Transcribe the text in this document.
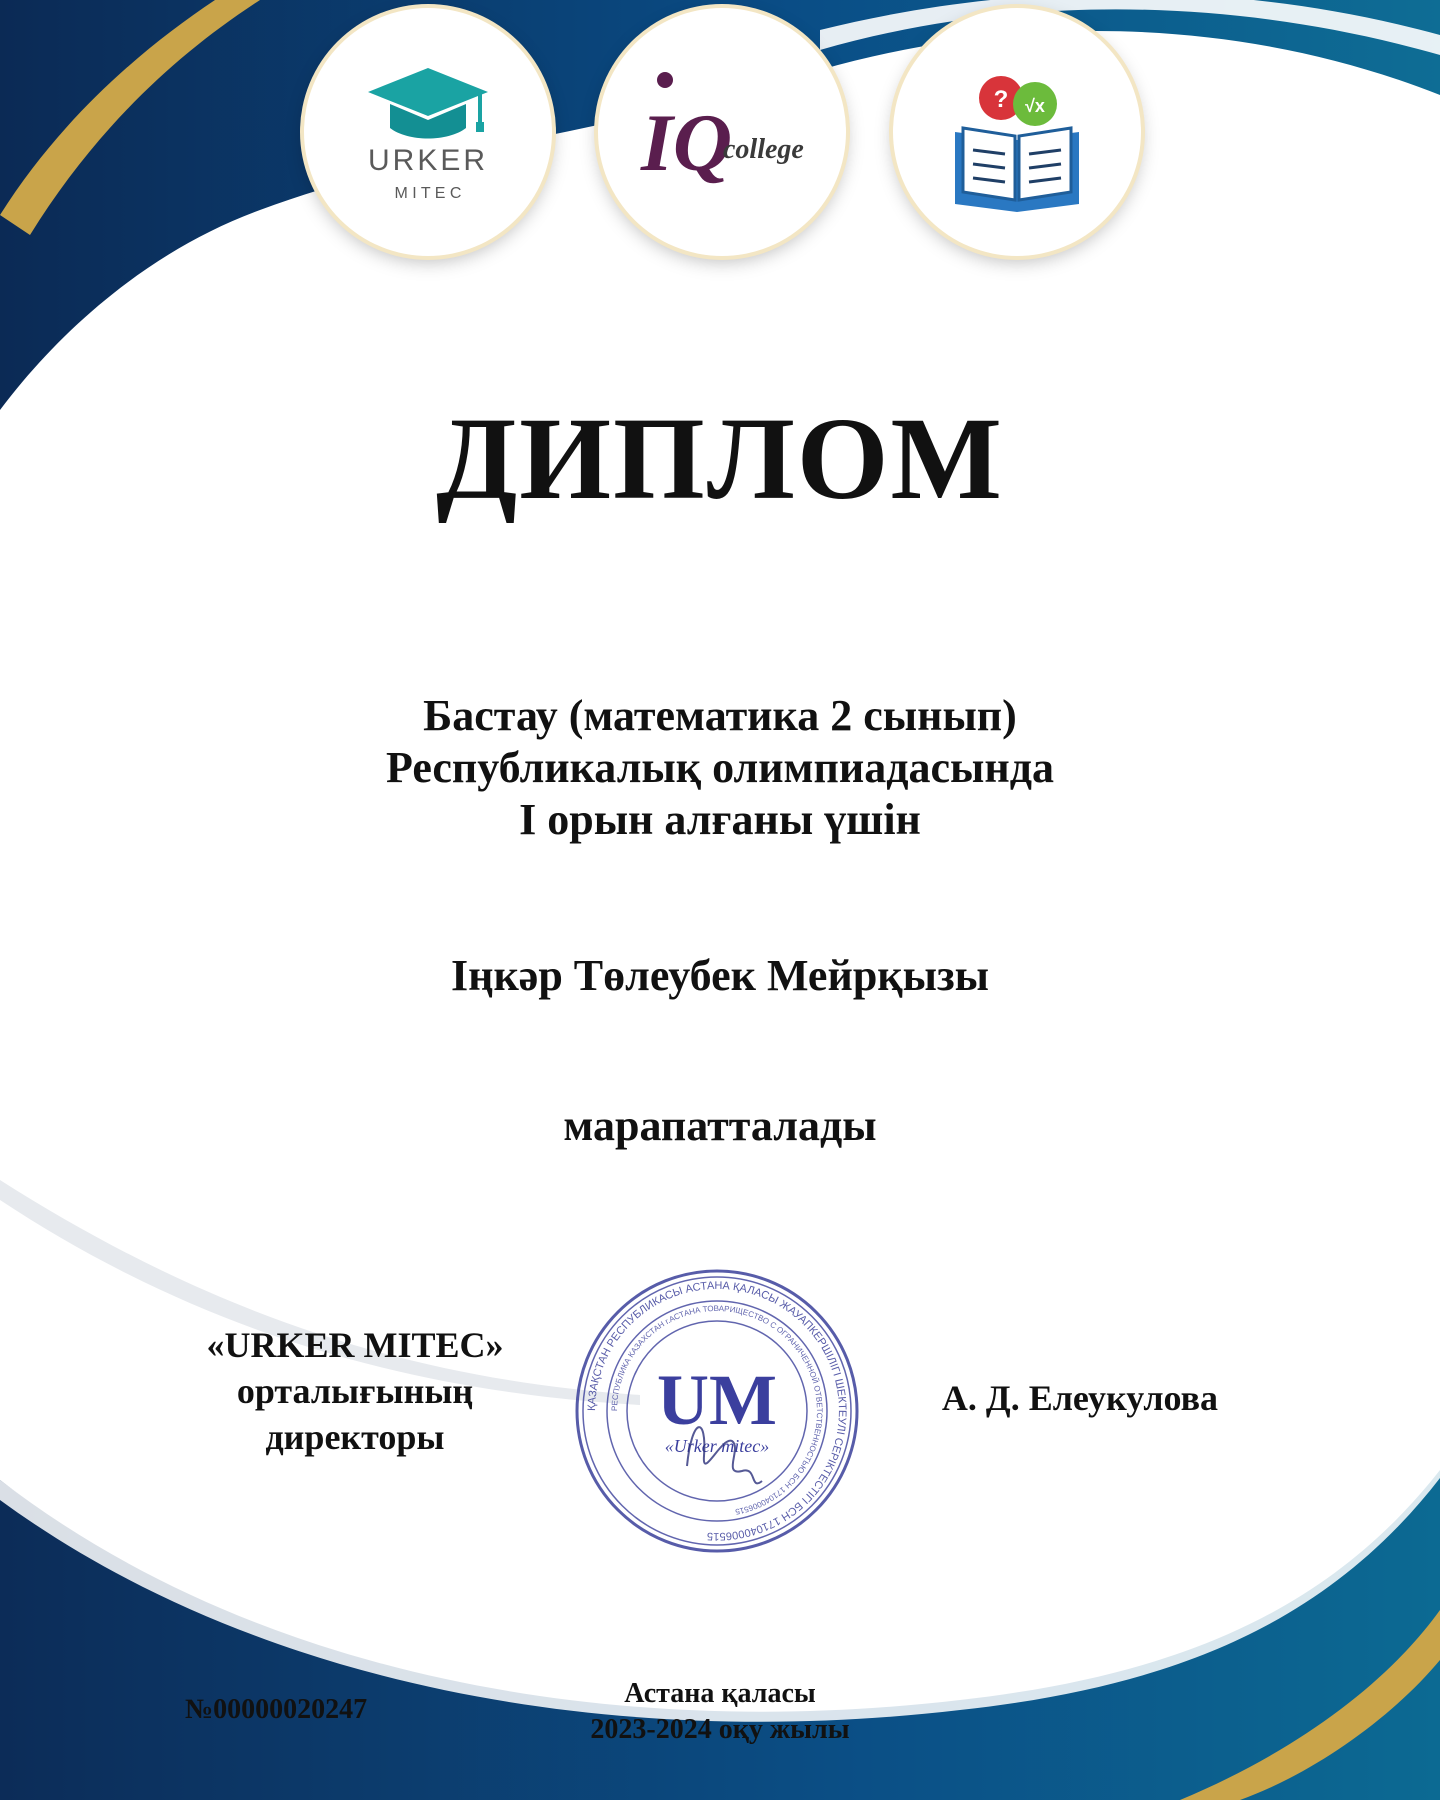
URKER
M I T E C
IQ
college
? √x
ДИПЛОМ
Бастау (математика 2 сынып)
Республикалық олимпиадасында
I орын алғаны үшін
Іңкәр Төлеубек Мейрқызы
марапатталады
«URKER MITEC»
орталығының
директоры
ҚАЗАҚСТАН РЕСПУБЛИКАСЫ АСТАНА ҚАЛАСЫ ЖАУАПКЕРШІЛІГІ ШЕКТЕУЛІ СЕРІКТЕСТІГІ БСН 171040006515
РЕСПУБЛИКА КАЗАХСТАН г.АСТАНА ТОВАРИЩЕСТВО С ОГРАНИЧЕННОЙ ОТВЕТСТВЕННОСТЬЮ БСН 171040006515
UM
«Urker mitec»
А. Д. Елеукулова
№00000020247
Астана қаласы
2023-2024 оқу жылы
